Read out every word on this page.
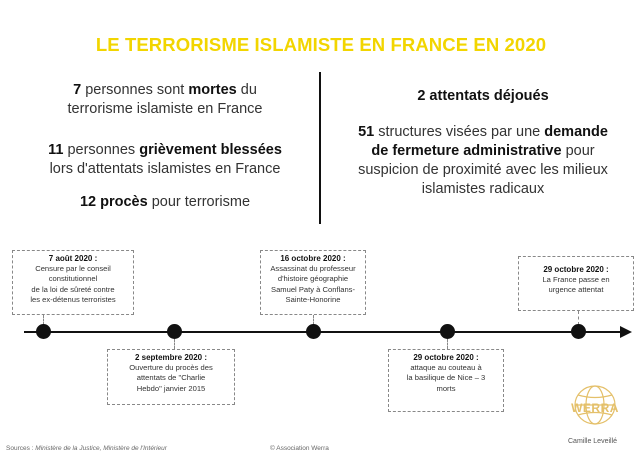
LE TERRORISME ISLAMISTE EN FRANCE EN 2020
7 personnes sont mortes du
terrorisme islamiste en France
11 personnes grièvement blessées
lors d'attentats islamistes en France
12 procès pour terrorisme
2 attentats déjoués
51 structures visées par une demande
de fermeture administrative pour
suspicion de proximité avec les milieux
islamistes radicaux
7 août 2020 :
Censure par le conseil
constitutionnel
de la loi de sûreté contre
les ex-détenus terroristes
2 septembre 2020 :
Ouverture du procès des
attentats de "Charlie
Hebdo" janvier 2015
16 octobre 2020 :
Assassinat du professeur
d'histoire géographie
Samuel Paty à Conflans-
Sainte-Honorine
29 octobre 2020 :
attaque au couteau à
la basilique de Nice – 3
morts
29 octobre 2020 :
La France passe en
urgence attentat
WERRA
Sources : Ministère de la Justice, Ministère de l'Intérieur	© Association Werra
Camille Leveillé
